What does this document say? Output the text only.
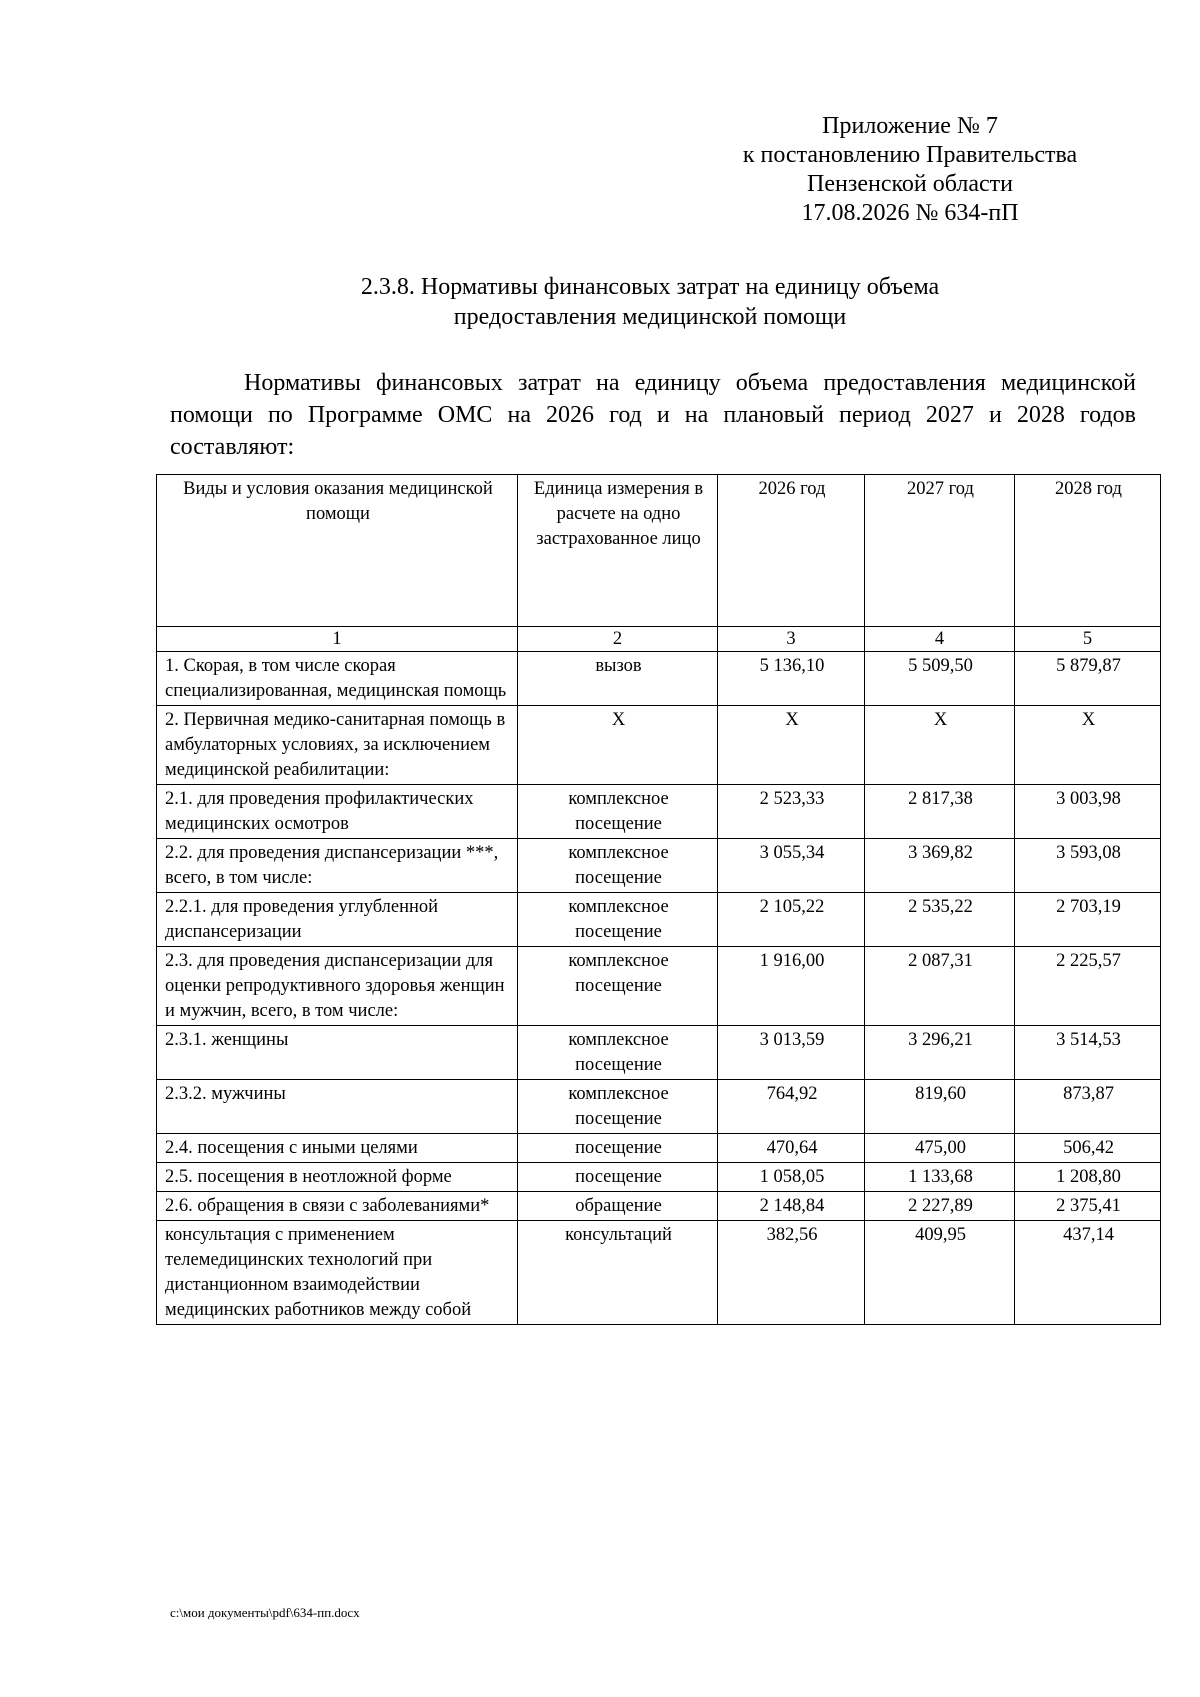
Приложение № 7
к постановлению Правительства
Пензенской области
17.08.2026 № 634-пП
2.3.8. Нормативы финансовых затрат на единицу объема
предоставления медицинской помощи
Нормативы финансовых затрат на единицу объема предоставления медицинской помощи по Программе ОМС на 2026 год и на плановый период 2027 и 2028 годов составляют:
Виды и условия оказания медицинской помощи	Единица измерения в расчете на одно застрахованное лицо	2026 год	2027 год	2028 год
1	2	3	4	5
1. Скорая, в том числе скорая специализированная, медицинская помощь	вызов	5 136,10	5 509,50	5 879,87
2. Первичная медико-санитарная помощь в амбулаторных условиях, за исключением медицинской реабилитации:	Х	Х	Х	Х
2.1. для проведения профилактических медицинских осмотров	комплексное посещение	2 523,33	2 817,38	3 003,98
2.2. для проведения диспансеризации ***, всего, в том числе:	комплексное посещение	3 055,34	3 369,82	3 593,08
2.2.1. для проведения углубленной диспансеризации	комплексное посещение	2 105,22	2 535,22	2 703,19
2.3. для проведения диспансеризации для оценки репродуктивного здоровья женщин и мужчин, всего, в том числе:	комплексное посещение	1 916,00	2 087,31	2 225,57
2.3.1. женщины	комплексное посещение	3 013,59	3 296,21	3 514,53
2.3.2. мужчины	комплексное посещение	764,92	819,60	873,87
2.4. посещения с иными целями	посещение	470,64	475,00	506,42
2.5. посещения в неотложной форме	посещение	1 058,05	1 133,68	1 208,80
2.6. обращения в связи с заболеваниями*	обращение	2 148,84	2 227,89	2 375,41
консультация с применением телемедицинских технологий при дистанционном взаимодействии медицинских работников между собой	консультаций	382,56	409,95	437,14
c:\мои документы\pdf\634-пп.docx
